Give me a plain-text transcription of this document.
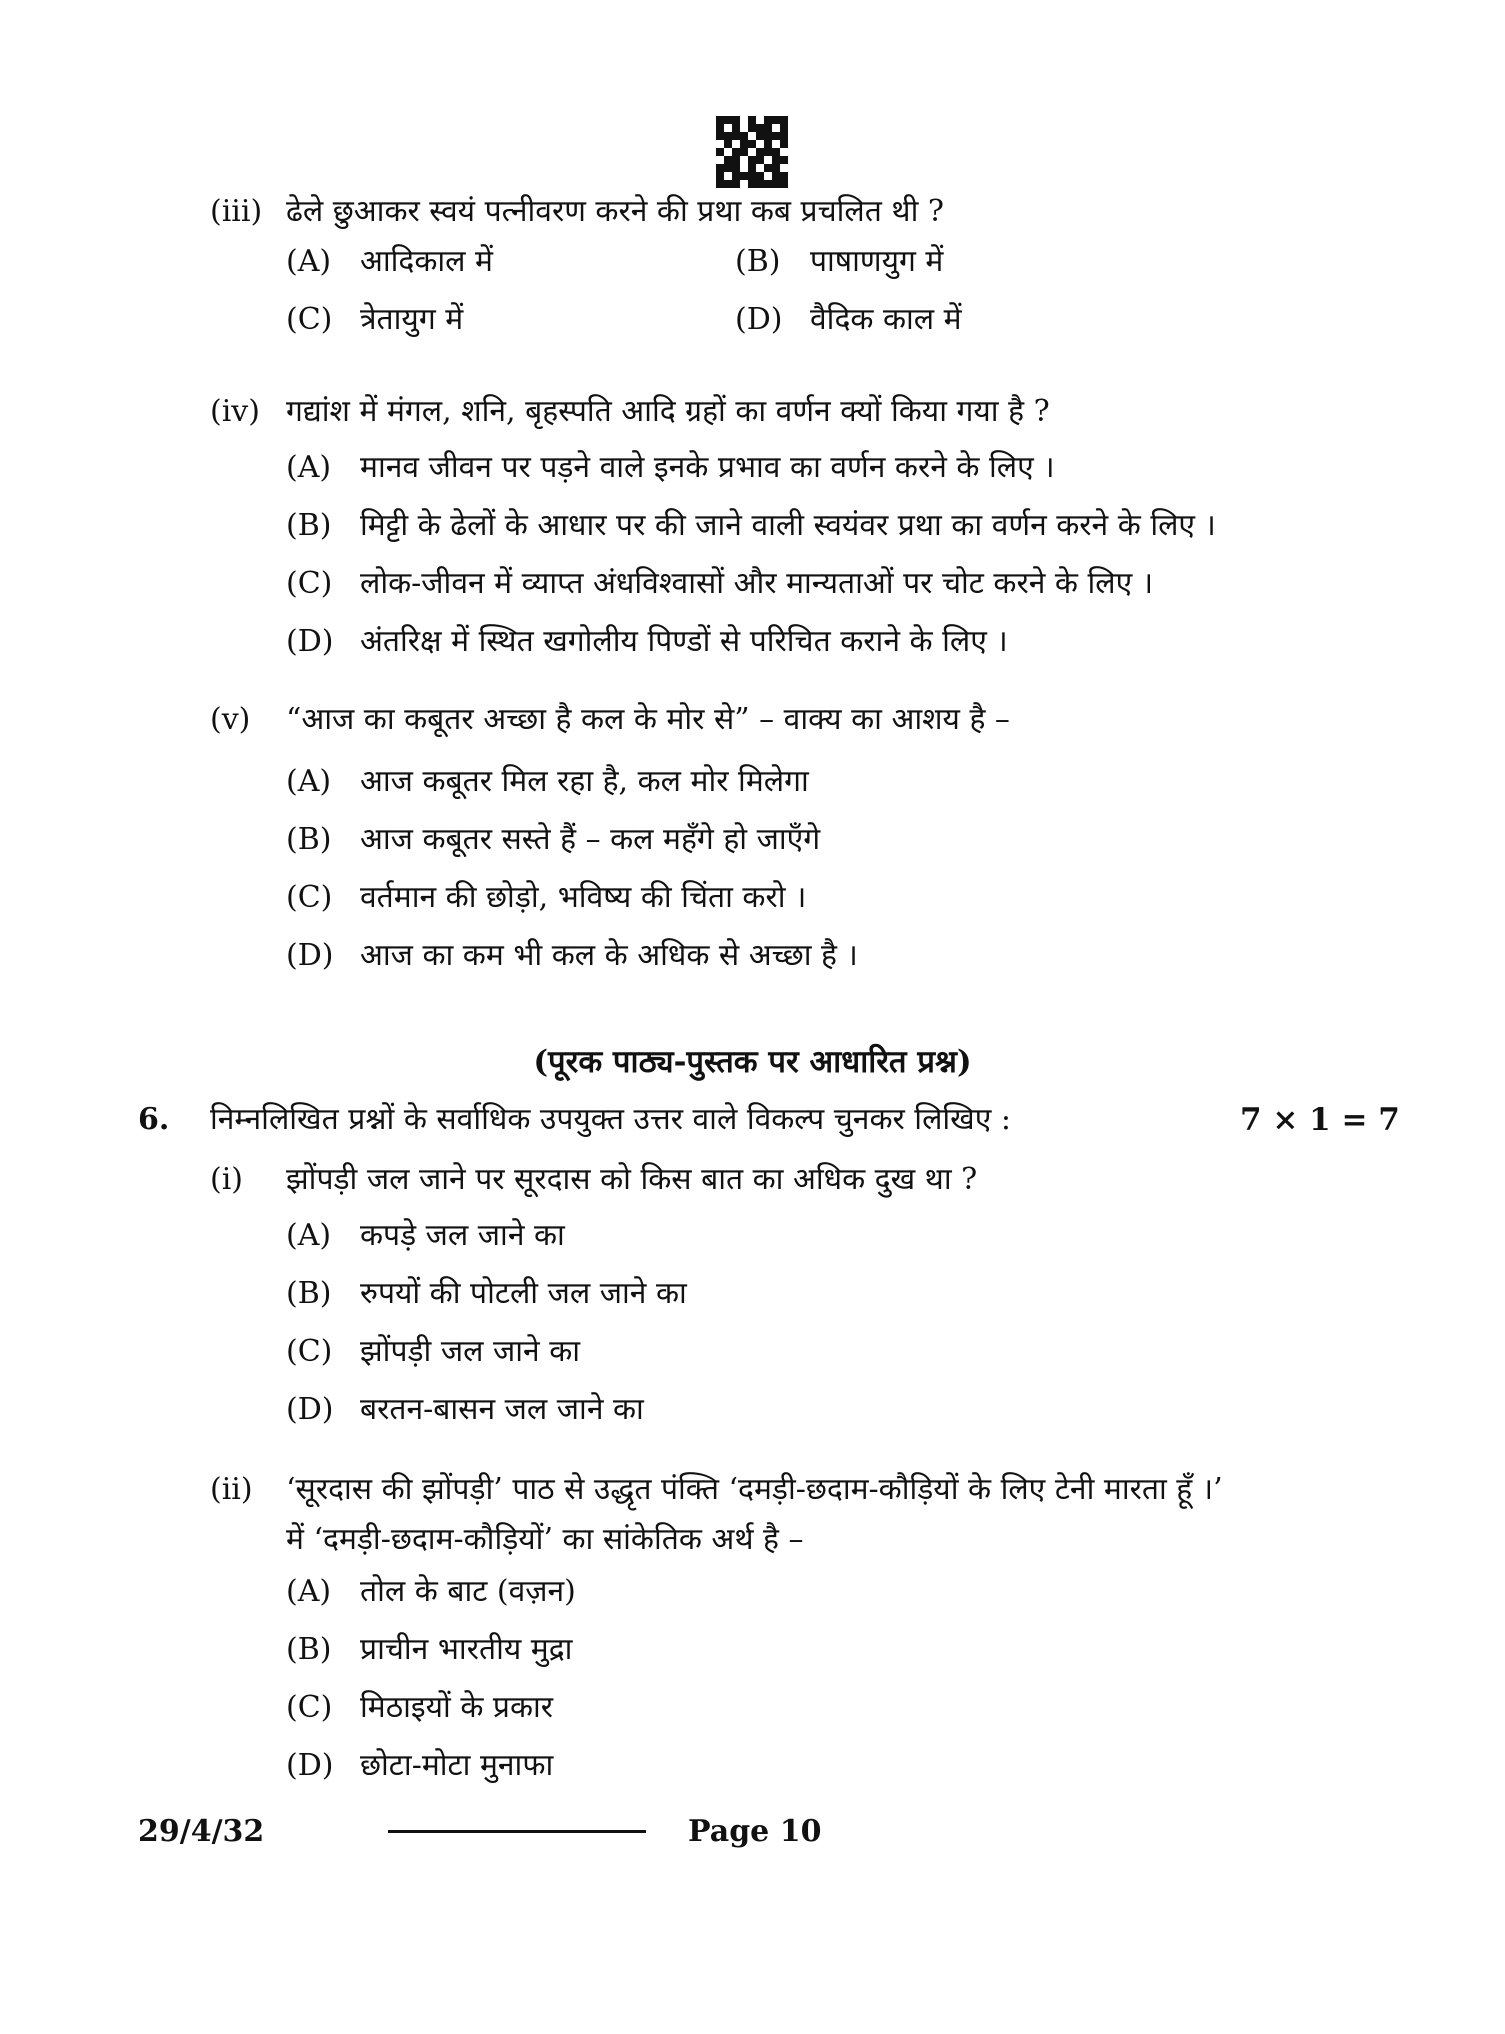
(iii) ढेले छुआकर स्वयं पत्नीवरण करने की प्रथा कब प्रचलित थी ?
(A) आदिकाल में	(B) पाषाणयुग में
(C) त्रेतायुग में	(D) वैदिक काल में
(iv) गद्यांश में मंगल, शनि, बृहस्पति आदि ग्रहों का वर्णन क्यों किया गया है ?
(A) मानव जीवन पर पड़ने वाले इनके प्रभाव का वर्णन करने के लिए ।
(B) मिट्टी के ढेलों के आधार पर की जाने वाली स्वयंवर प्रथा का वर्णन करने के लिए ।
(C) लोक-जीवन में व्याप्त अंधविश्वासों और मान्यताओं पर चोट करने के लिए ।
(D) अंतरिक्ष में स्थित खगोलीय पिण्डों से परिचित कराने के लिए ।
(v) “आज का कबूतर अच्छा है कल के मोर से” – वाक्य का आशय है –
(A) आज कबूतर मिल रहा है, कल मोर मिलेगा
(B) आज कबूतर सस्ते हैं – कल महँगे हो जाएँगे
(C) वर्तमान की छोड़ो, भविष्य की चिंता करो ।
(D) आज का कम भी कल के अधिक से अच्छा है ।
(पूरक पाठ्य-पुस्तक पर आधारित प्रश्न)
6. निम्नलिखित प्रश्नों के सर्वाधिक उपयुक्त उत्तर वाले विकल्प चुनकर लिखिए :	7 × 1 = 7
(i) झोंपड़ी जल जाने पर सूरदास को किस बात का अधिक दुख था ?
(A) कपड़े जल जाने का
(B) रुपयों की पोटली जल जाने का
(C) झोंपड़ी जल जाने का
(D) बरतन-बासन जल जाने का
(ii) ‘सूरदास की झोंपड़ी’ पाठ से उद्धृत पंक्ति ‘दमड़ी-छदाम-कौड़ियों के लिए टेनी मारता हूँ ।’
में ‘दमड़ी-छदाम-कौड़ियों’ का सांकेतिक अर्थ है –
(A) तोल के बाट (वज़न)
(B) प्राचीन भारतीय मुद्रा
(C) मिठाइयों के प्रकार
(D) छोटा-मोटा मुनाफा
29/4/32	Page 10
